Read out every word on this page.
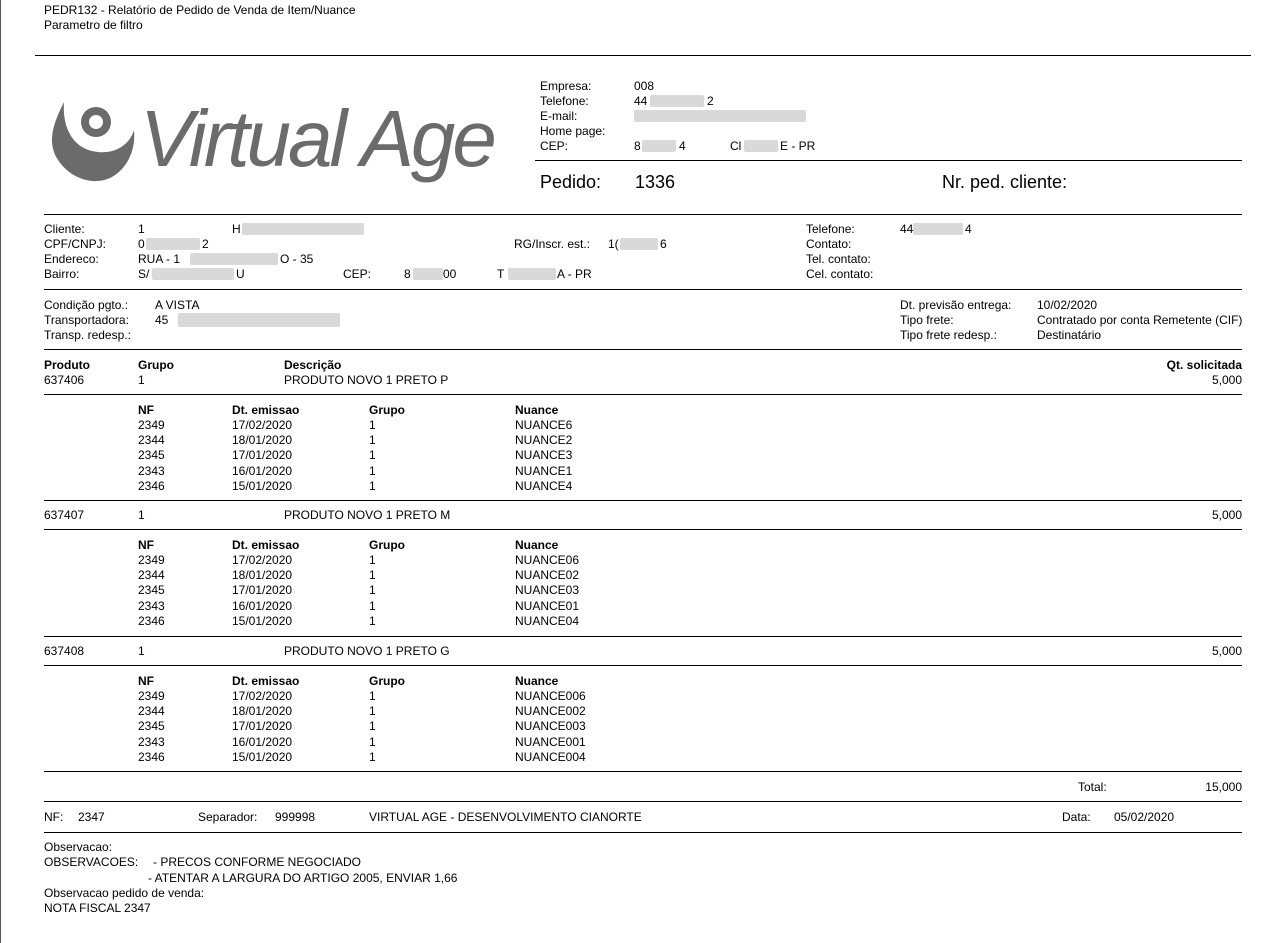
PEDR132 - Relatório de Pedido de Venda de Item/Nuance
Parametro de filtro
Virtual Age
Empresa:	008
Telefone:	44	2
E-mail:
Home page:
CEP:	8	4	Cl	E - PR
Pedido: 1336	Nr. ped. cliente:
Cliente:	1	H
CPF/CNPJ:	0	2	RG/Inscr. est.: 1(	6
Endereco:	RUA - 1	O - 35
Bairro:	S/	U	CEP:	8	00	T	A - PR
Telefone:	44	4
Contato:
Tel. contato:
Cel. contato:
Condição pgto.: A VISTA
Transportadora: 45
Transp. redesp.:
Dt. previsão entrega: 10/02/2020
Tipo frete:	Contratado por conta Remetente (CIF)
Tipo frete redesp.:	Destinatário
Produto	Grupo	Descrição	Qt. solicitada
637406	1	PRODUTO NOVO 1 PRETO P	5,000
NF	Dt. emissao	Grupo	Nuance
2349	17/02/2020	1	NUANCE6
2344	18/01/2020	1	NUANCE2
2345	17/01/2020	1	NUANCE3
2343	16/01/2020	1	NUANCE1
2346	15/01/2020	1	NUANCE4
637407	1	PRODUTO NOVO 1 PRETO M	5,000
NF	Dt. emissao	Grupo	Nuance
2349	17/02/2020	1	NUANCE06
2344	18/01/2020	1	NUANCE02
2345	17/01/2020	1	NUANCE03
2343	16/01/2020	1	NUANCE01
2346	15/01/2020	1	NUANCE04
637408	1	PRODUTO NOVO 1 PRETO G	5,000
NF	Dt. emissao	Grupo	Nuance
2349	17/02/2020	1	NUANCE006
2344	18/01/2020	1	NUANCE002
2345	17/01/2020	1	NUANCE003
2343	16/01/2020	1	NUANCE001
2346	15/01/2020	1	NUANCE004
Total:	15,000
NF: 2347	Separador: 999998	VIRTUAL AGE - DESENVOLVIMENTO CIANORTE	Data: 05/02/2020
Observacao:
OBSERVACOES: - PRECOS CONFORME NEGOCIADO
- ATENTAR A LARGURA DO ARTIGO 2005, ENVIAR 1,66
Observacao pedido de venda:
NOTA FISCAL 2347
